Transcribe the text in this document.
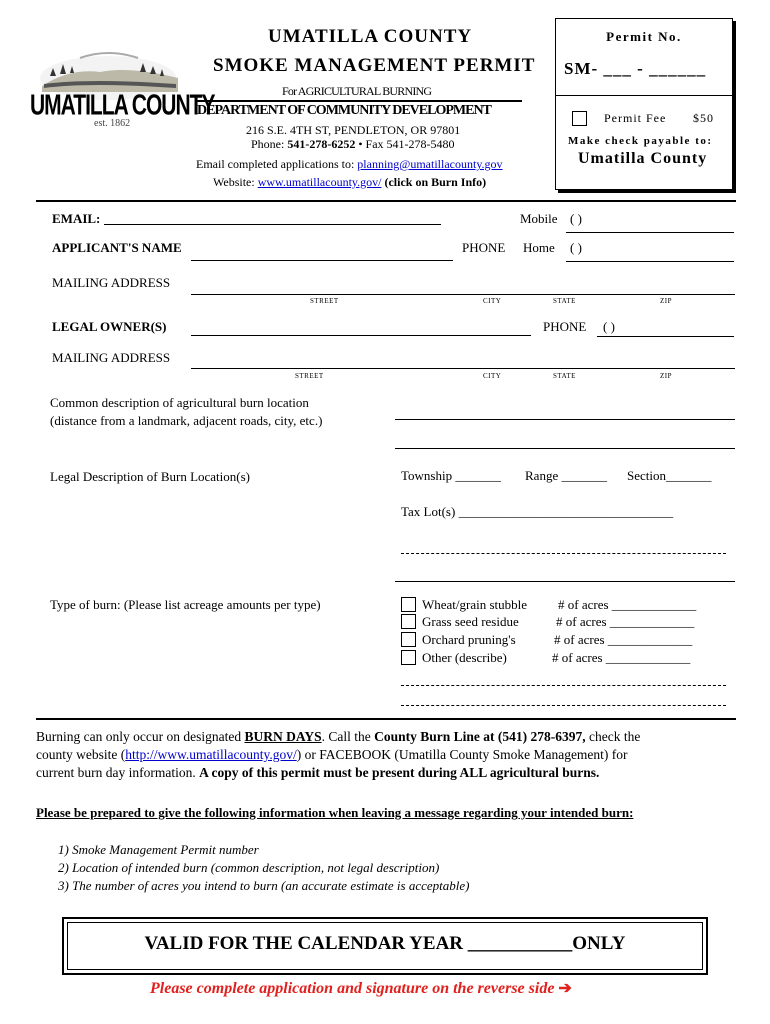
UMATILLA COUNTY
est. 1862
UMATILLA COUNTY
SMOKE MANAGEMENT PERMIT
For AGRICULTURAL BURNING
DEPARTMENT OF COMMUNITY DEVELOPMENT
216 S.E. 4TH ST, PENDLETON, OR 97801
Phone: 541-278-6252 • Fax 541-278-5480
Email completed applications to: planning@umatillacounty.gov
Website: www.umatillacounty.gov/ (click on Burn Info)
Permit No.
SM- ___ - ______
Permit Fee $50
Make check payable to:
Umatilla County
EMAIL:	Mobile ( )
APPLICANT'S NAME	PHONE Home ( )
MAILING ADDRESS
STREET	CITY	STATE	ZIP
LEGAL OWNER(S)	PHONE ( )
MAILING ADDRESS
STREET	CITY	STATE	ZIP
Common description of agricultural burn location
(distance from a landmark, adjacent roads, city, etc.)
Legal Description of Burn Location(s)	Township _______ Range _______ Section_______
Tax Lot(s) _________________________________
Type of burn: (Please list acreage amounts per type)	Wheat/grain stubble # of acres _____________
Grass seed residue	# of acres _____________
Orchard pruning's	# of acres _____________
Other (describe)	# of acres _____________
Burning can only occur on designated BURN DAYS. Call the County Burn Line at (541) 278-6397, check the
county website (http://www.umatillacounty.gov/) or FACEBOOK (Umatilla County Smoke Management) for
current burn day information. A copy of this permit must be present during ALL agricultural burns.
Please be prepared to give the following information when leaving a message regarding your intended burn:
1) Smoke Management Permit number
2) Location of intended burn (common description, not legal description)
3) The number of acres you intend to burn (an accurate estimate is acceptable)
VALID FOR THE CALENDAR YEAR ___________ONLY
Please complete application and signature on the reverse side ➔
